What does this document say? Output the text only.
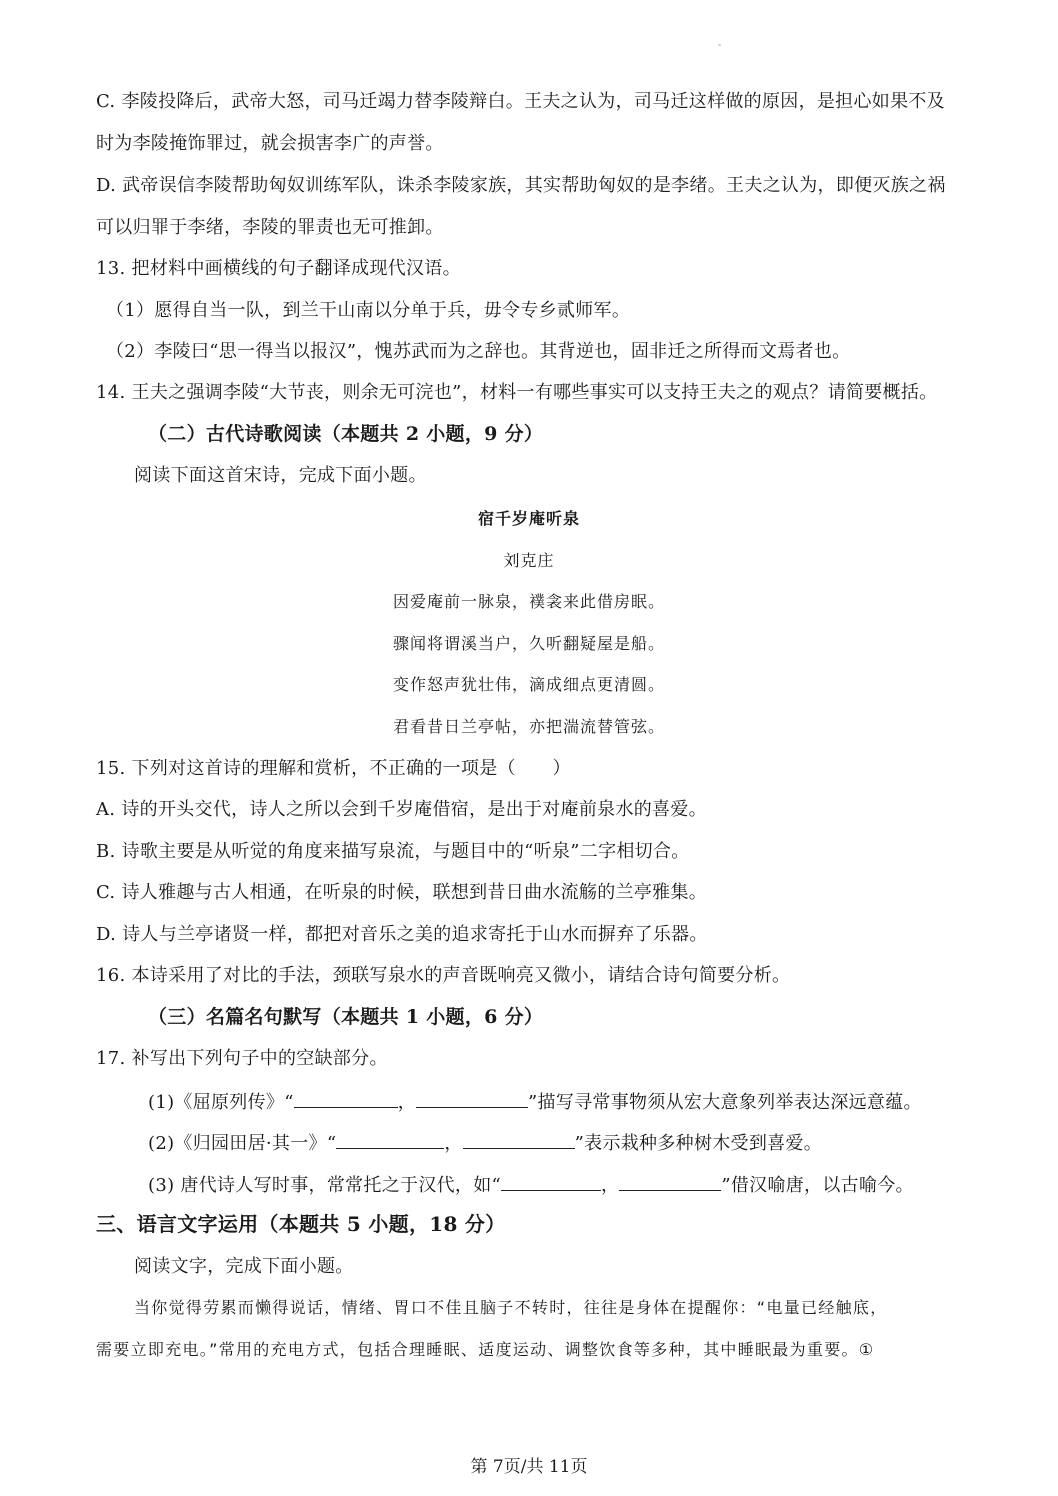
-
C. 李陵投降后，武帝大怒，司马迁竭力替李陵辩白。王夫之认为，司马迁这样做的原因，是担心如果不及
时为李陵掩饰罪过，就会损害李广的声誉。
D. 武帝误信李陵帮助匈奴训练军队，诛杀李陵家族，其实帮助匈奴的是李绪。王夫之认为，即便灭族之祸
可以归罪于李绪，李陵的罪责也无可推卸。
13. 把材料中画横线的句子翻译成现代汉语。
（1）愿得自当一队，到兰干山南以分单于兵，毋令专乡贰师军。
（2）李陵曰“思一得当以报汉”，愧苏武而为之辞也。其背逆也，固非迁之所得而文焉者也。
14. 王夫之强调李陵“大节丧，则余无可浣也”，材料一有哪些事实可以支持王夫之的观点？请简要概括。
（二）古代诗歌阅读（本题共 2 小题，9 分）
阅读下面这首宋诗，完成下面小题。
宿千岁庵听泉
刘克庄
因爱庵前一脉泉，襆衾来此借房眠。
骤闻将谓溪当户，久听翻疑屋是船。
变作怒声犹壮伟，滴成细点更清圆。
君看昔日兰亭帖，亦把湍流替管弦。
15. 下列对这首诗的理解和赏析，不正确的一项是（　　）
A. 诗的开头交代，诗人之所以会到千岁庵借宿，是出于对庵前泉水的喜爱。
B. 诗歌主要是从听觉的角度来描写泉流，与题目中的“听泉”二字相切合。
C. 诗人雅趣与古人相通，在听泉的时候，联想到昔日曲水流觞的兰亭雅集。
D. 诗人与兰亭诸贤一样，都把对音乐之美的追求寄托于山水而摒弃了乐器。
16. 本诗采用了对比的手法，颈联写泉水的声音既响亮又微小，请结合诗句简要分析。
（三）名篇名句默写（本题共 1 小题，6 分）
17. 补写出下列句子中的空缺部分。
(1)《屈原列传》“	，	”描写寻常事物须从宏大意象列举表达深远意蕴。
(2)《归园田居·其一》“	，	”表示栽种多种树木受到喜爱。
(3) 唐代诗人写时事，常常托之于汉代，如“	，	”借汉喻唐，以古喻今。
三、语言文字运用（本题共 5 小题，18 分）
阅读文字，完成下面小题。
当你觉得劳累而懒得说话，情绪、胃口不佳且脑子不转时，往往是身体在提醒你：“电量已经触底，
需要立即充电。”常用的充电方式，包括合理睡眠、适度运动、调整饮食等多种，其中睡眠最为重要。①
第 7页/共 11页
